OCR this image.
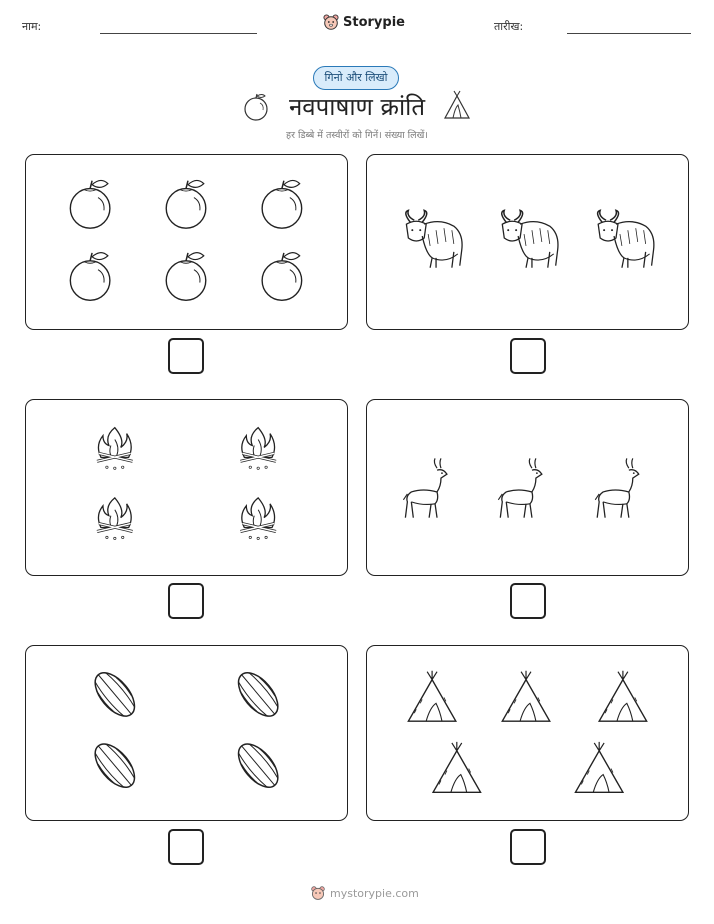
नाम:	Storypie	तारीख:
गिनो और लिखो
नवपाषाण क्रांति
हर डिब्बे में तस्वीरों को गिनें। संख्या लिखें।
mystorypie.com
